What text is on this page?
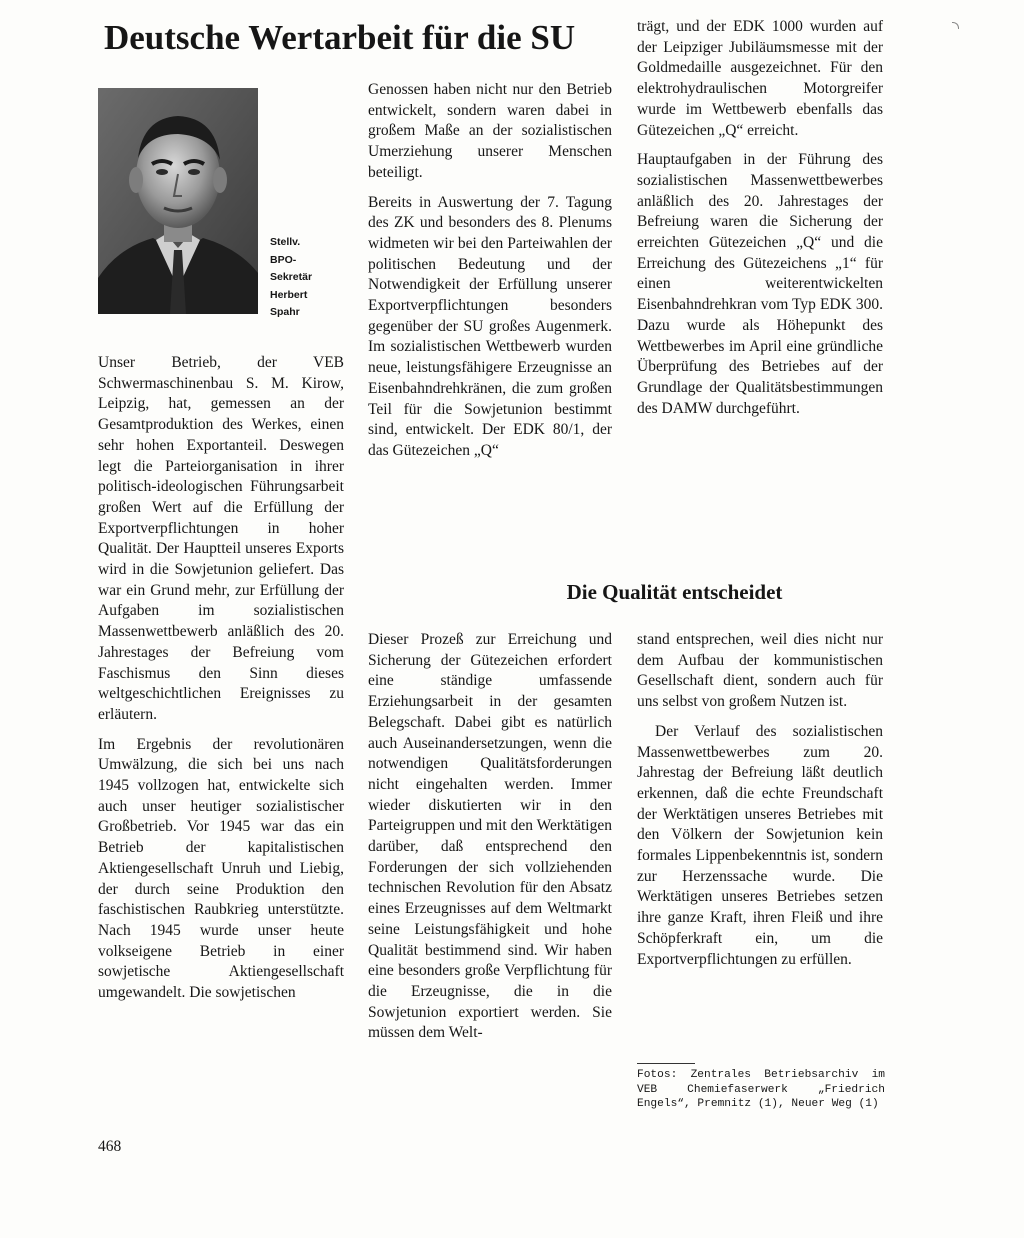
Deutsche Wertarbeit für die SU
Stellv.
BPO-
Sekretär
Herbert
Spahr

Unser Betrieb, der VEB Schwermaschinenbau S. M. Kirow, Leipzig, hat, gemessen an der Gesamtproduktion des Werkes, einen sehr hohen Exportanteil. Deswegen legt die Parteiorganisation in ihrer politisch-ideologischen Führungsarbeit großen Wert auf die Erfüllung der Exportverpflichtungen in hoher Qualität. Der Hauptteil unseres Exports wird in die Sowjetunion geliefert. Das war ein Grund mehr, zur Erfüllung der Aufgaben im sozialistischen Massenwettbewerb anläßlich des 20. Jahrestages der Befreiung vom Faschismus den Sinn dieses weltgeschichtlichen Ereignisses zu erläutern.

Im Ergebnis der revolutionären Umwälzung, die sich bei uns nach 1945 vollzogen hat, entwickelte sich auch unser heutiger sozialistischer Großbetrieb. Vor 1945 war das ein Betrieb der kapitalistischen Aktiengesellschaft Unruh und Liebig, der durch seine Produktion den faschistischen Raubkrieg unterstützte. Nach 1945 wurde unser heute volkseigene Betrieb in einer sowjetische Aktiengesellschaft umgewandelt. Die sowjetischen

Genossen haben nicht nur den Betrieb entwickelt, sondern waren dabei in großem Maße an der sozialistischen Umerziehung unserer Menschen beteiligt.

Bereits in Auswertung der 7. Tagung des ZK und besonders des 8. Plenums widmeten wir bei den Parteiwahlen der politischen Bedeutung und der Notwendigkeit der Erfüllung unserer Exportverpflichtungen besonders gegenüber der SU großes Augenmerk. Im sozialistischen Wettbewerb wurden neue, leistungsfähigere Erzeugnisse an Eisenbahndrehkränen, die zum großen Teil für die Sowjetunion bestimmt sind, entwickelt. Der EDK 80/1, der das Gütezeichen „Q“

trägt, und der EDK 1000 wurden auf der Leipziger Jubiläumsmesse mit der Goldmedaille ausgezeichnet. Für den elektrohydraulischen Motorgreifer wurde im Wettbewerb ebenfalls das Gütezeichen „Q“ erreicht.

Hauptaufgaben in der Führung des sozialistischen Massenwettbewerbes anläßlich des 20. Jahrestages der Befreiung waren die Sicherung der erreichten Gütezeichen „Q“ und die Erreichung des Gütezeichens „1“ für einen weiterentwickelten Eisenbahndrehkran vom Typ EDK 300. Dazu wurde als Höhepunkt des Wettbewerbes im April eine gründliche Überprüfung des Betriebes auf der Grundlage der Qualitätsbestimmungen des DAMW durchgeführt.

Die Qualität entscheidet

Dieser Prozeß zur Erreichung und Sicherung der Gütezeichen erfordert eine ständige umfassende Erziehungsarbeit in der gesamten Belegschaft. Dabei gibt es natürlich auch Auseinandersetzungen, wenn die notwendigen Qualitätsforderungen nicht eingehalten werden. Immer wieder diskutierten wir in den Parteigruppen und mit den Werktätigen darüber, daß entsprechend den Forderungen der sich vollziehenden technischen Revolution für den Absatz eines Erzeugnisses auf dem Weltmarkt seine Leistungsfähigkeit und hohe Qualität bestimmend sind. Wir haben eine besonders große Verpflichtung für die Erzeugnisse, die in die Sowjetunion exportiert werden. Sie müssen dem Welt-

stand entsprechen, weil dies nicht nur dem Aufbau der kommunistischen Gesellschaft dient, sondern auch für uns selbst von großem Nutzen ist.

Der Verlauf des sozialistischen Massenwettbewerbes zum 20. Jahrestag der Befreiung läßt deutlich erkennen, daß die echte Freundschaft der Werktätigen unseres Betriebes mit den Völkern der Sowjetunion kein formales Lippenbekenntnis ist, sondern zur Herzenssache wurde. Die Werktätigen unseres Betriebes setzen ihre ganze Kraft, ihren Fleiß und ihre Schöpferkraft ein, um die Exportverpflichtungen zu erfüllen.

Fotos: Zentrales Betriebsarchiv im VEB Chemiefaserwerk „Friedrich Engels“, Premnitz (1), Neuer Weg (1)
468
